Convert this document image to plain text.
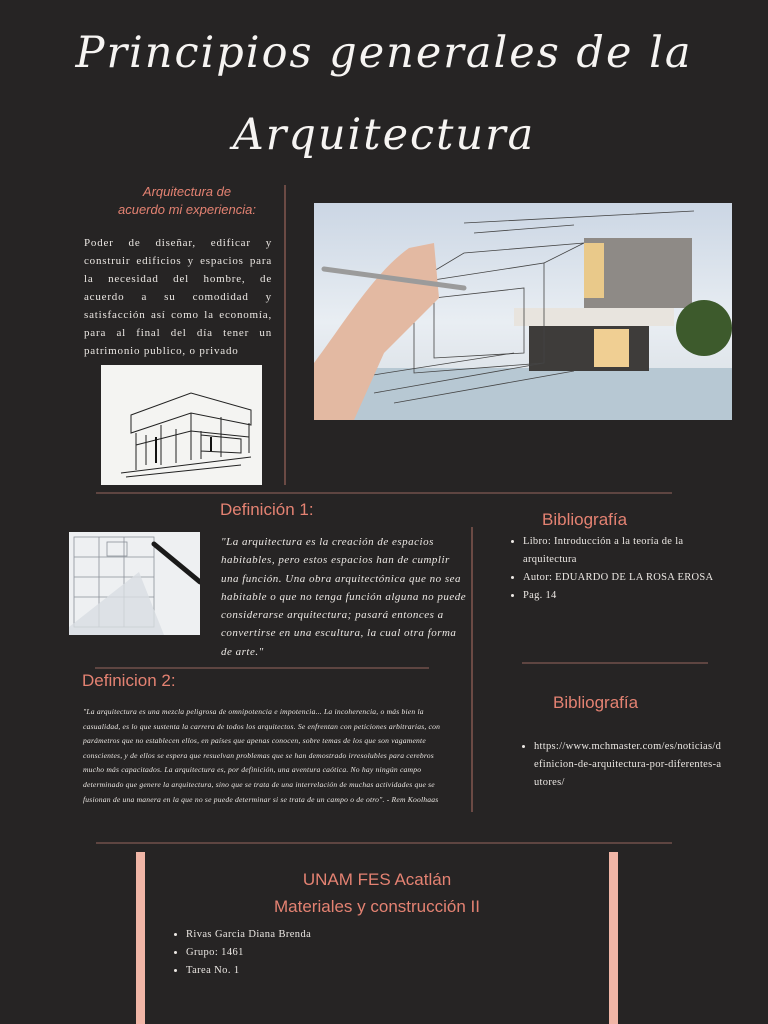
Principios generales de la
Arquitectura
Arquitectura de
acuerdo mi experiencia:
Poder de diseñar, edificar y construir edificios y espacios para la necesidad del hombre, de acuerdo a su comodidad y satisfacción así como la economía, para al final del día tener un patrimonio publico, o privado
Definición 1:
"La arquitectura es la creación de espacios habitables, pero estos espacios han de cumplir una función. Una obra arquitectónica que no sea habitable o que no tenga función alguna no puede considerarse arquitectura; pasará entonces a convertirse en una escultura, la cual otra forma de arte."
Bibliografía
• Libro: Introducción a la teoría de la arquitectura
• Autor: EDUARDO DE LA ROSA EROSA
• Pag. 14
Definicion 2:
"La arquitectura es una mezcla peligrosa de omnipotencia e impotencia... La incoherencia, o más bien la casualidad, es lo que sustenta la carrera de todos los arquitectos. Se enfrentan con peticiones arbitrarias, con parámetros que no establecen ellos, en países que apenas conocen, sobre temas de los que son vagamente conscientes, y de ellos se espera que resuelvan problemas que se han demostrado irresolubles para cerebros mucho más capacitados. La arquitectura es, por definición, una aventura caótica. No hay ningún campo determinado que genere la arquitectura, sino que se trata de una interrelación de muchas actividades que se fusionan de una manera en la que no se puede determinar si se trata de un campo o de otro". - Rem Koolhaas
Bibliografía
• https://www.mchmaster.com/es/noticias/definicion-de-arquitectura-por-diferentes-autores/
UNAM FES Acatlán
Materiales y construcción II
• Rivas Garcia Diana Brenda
• Grupo: 1461
• Tarea No. 1
